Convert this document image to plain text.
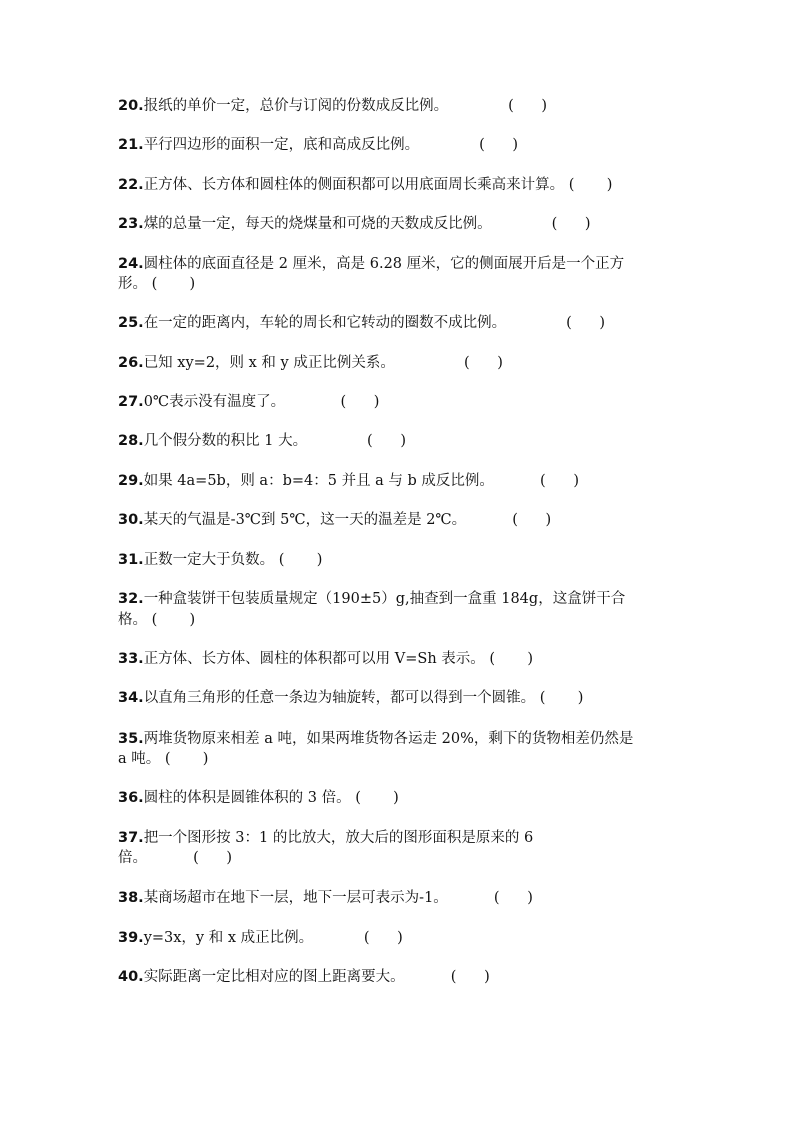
20.报纸的单价一定，总价与订阅的份数成反比例。             (      )
21.平行四边形的面积一定，底和高成反比例。             (      )
22.正方体、长方体和圆柱体的侧面积都可以用底面周长乘高来计算。 (       )
23.煤的总量一定，每天的烧煤量和可烧的天数成反比例。             (      )
24.圆柱体的底面直径是 2 厘米，高是 6.28 厘米，它的侧面展开后是一个正方
形。 (       )
25.在一定的距离内，车轮的周长和它转动的圈数不成比例。             (      )
26.已知 xy=2，则 x 和 y 成正比例关系。               (      )
27.0℃表示没有温度了。            (      )
28.几个假分数的积比 1 大。             (      )
29.如果 4a=5b，则 a：b=4：5 并且 a 与 b 成反比例。          (      )
30.某天的气温是-3℃到 5℃，这一天的温差是 2℃。          (      )
31.正数一定大于负数。 (       )
32.一种盒装饼干包装质量规定（190±5）g,抽查到一盒重 184g，这盒饼干合
格。 (       )
33.正方体、长方体、圆柱的体积都可以用 V=Sh 表示。 (       )
34.以直角三角形的任意一条边为轴旋转，都可以得到一个圆锥。 (       )
35.两堆货物原来相差 a 吨，如果两堆货物各运走 20%，剩下的货物相差仍然是
a 吨。 (       )
36.圆柱的体积是圆锥体积的 3 倍。 (       )
37.把一个图形按 3：1 的比放大，放大后的图形面积是原来的 6
倍。          (      )
38.某商场超市在地下一层，地下一层可表示为-1。          (      )
39.y=3x，y 和 x 成正比例。           (      )
40.实际距离一定比相对应的图上距离要大。          (      )
